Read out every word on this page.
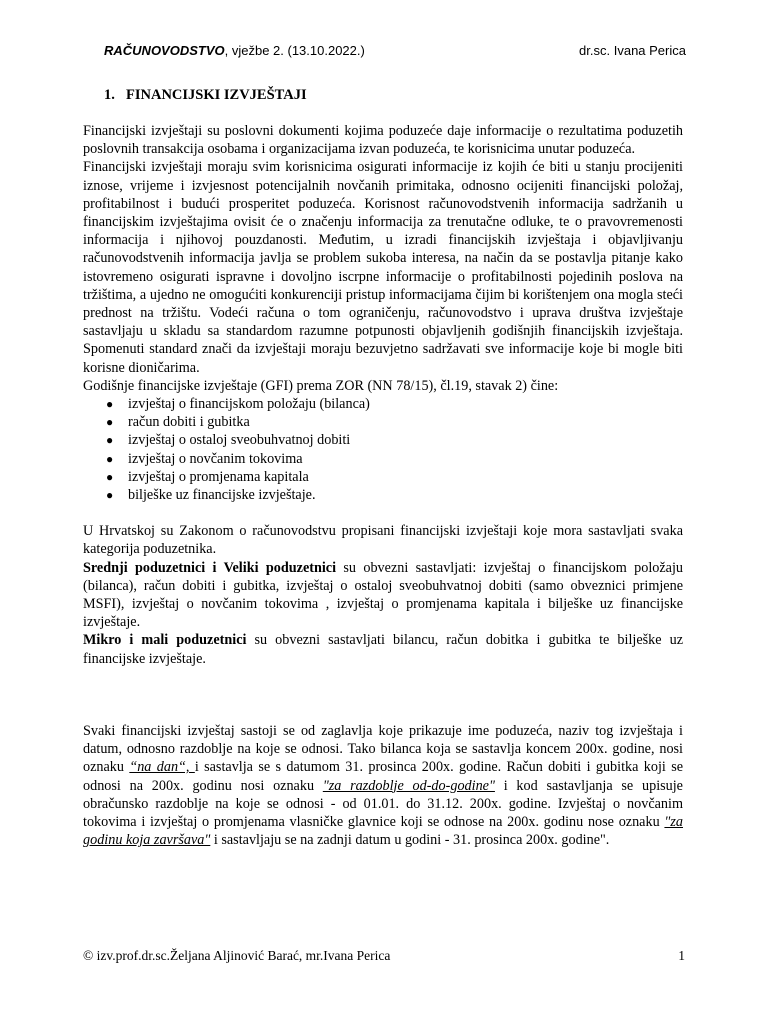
RAČUNOVODSTVO, vježbe 2. (13.10.2022.)	dr.sc. Ivana Perica
1. FINANCIJSKI IZVJEŠTAJI

Financijski izvještaji su poslovni dokumenti kojima poduzeće daje informacije o rezultatima poduzetih poslovnih transakcija osobama i organizacijama izvan poduzeća, te korisnicima unutar poduzeća.

Financijski izvještaji moraju svim korisnicima osigurati informacije iz kojih će biti u stanju procijeniti iznose, vrijeme i izvjesnost potencijalnih novčanih primitaka, odnosno ocijeniti financijski položaj, profitabilnost i budući prosperitet poduzeća. Korisnost računovodstvenih informacija sadržanih u financijskim izvještajima ovisit će o značenju informacija za trenutačne odluke, te o pravovremenosti informacija i njihovoj pouzdanosti. Međutim, u izradi financijskih izvještaja i objavljivanju računovodstvenih informacija javlja se problem sukoba interesa, na način da se postavlja pitanje kako istovremeno osigurati ispravne i dovoljno iscrpne informacije o profitabilnosti pojedinih poslova na tržištima, a ujedno ne omogućiti konkurenciji pristup informacijama čijim bi korištenjem ona mogla steći prednost na tržištu. Vodeći računa o tom ograničenju, računovodstvo i uprava društva izvještaje sastavljaju u skladu sa standardom razumne potpunosti objavljenih godišnjih financijskih izvještaja. Spomenuti standard znači da izvještaji moraju bezuvjetno sadržavati sve informacije koje bi mogle biti korisne dioničarima.

Godišnje financijske izvještaje (GFI) prema ZOR (NN 78/15), čl.19, stavak 2) čine:

● izvještaj o financijskom položaju (bilanca)
● račun dobiti i gubitka
● izvještaj o ostaloj sveobuhvatnoj dobiti
● izvještaj o novčanim tokovima
● izvještaj o promjenama kapitala
● bilješke uz financijske izvještaje.

U Hrvatskoj su Zakonom o računovodstvu propisani financijski izvještaji koje mora sastavljati svaka kategorija poduzetnika.

Srednji poduzetnici i Veliki poduzetnici su obvezni sastavljati: izvještaj o financijskom položaju (bilanca), račun dobiti i gubitka, izvještaj o ostaloj sveobuhvatnoj dobiti (samo obveznici primjene MSFI), izvještaj o novčanim tokovima , izvještaj o promjenama kapitala i bilješke uz financijske izvještaje.

Mikro i mali poduzetnici su obvezni sastavljati bilancu, račun dobitka i gubitka te bilješke uz financijske izvještaje.

Svaki financijski izvještaj sastoji se od zaglavlja koje prikazuje ime poduzeća, naziv tog izvještaja i datum, odnosno razdoblje na koje se odnosi. Tako bilanca koja se sastavlja koncem 200x. godine, nosi oznaku “na dan“, i sastavlja se s datumom 31. prosinca 200x. godine. Račun dobiti i gubitka koji se odnosi na 200x. godinu nosi oznaku "za razdoblje od-do-godine" i kod sastavljanja se upisuje obračunsko razdoblje na koje se odnosi - od 01.01. do 31.12. 200x. godine. Izvještaj o novčanim tokovima i izvještaj o promjenama vlasničke glavnice koji se odnose na 200x. godinu nose oznaku "za godinu koja završava" i sastavljaju se na zadnji datum u godini - 31. prosinca 200x. godine".

© izv.prof.dr.sc.Željana Aljinović Barać, mr.Ivana Perica	1
